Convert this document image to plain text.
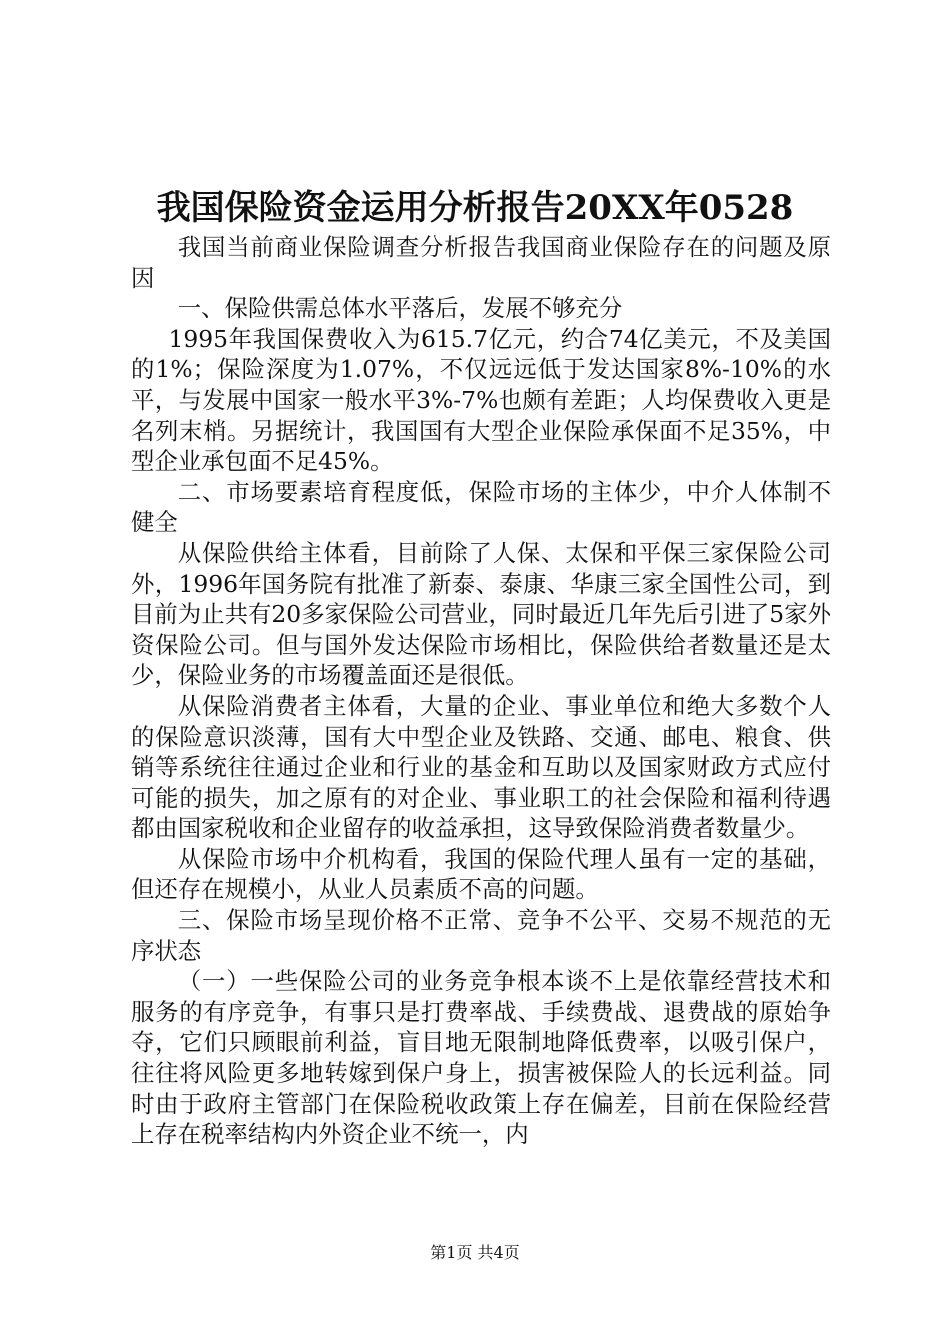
我国保险资金运用分析报告20XX年0528

我国当前商业保险调查分析报告我国商业保险存在的问题及原因

一、保险供需总体水平落后，发展不够充分

1995年我国保费收入为615.7亿元，约合74亿美元，不及美国的1%；保险深度为1.07%，不仅远远低于发达国家8%-10%的水平，与发展中国家一般水平3%-7%也颇有差距；人均保费收入更是名列末梢。另据统计，我国国有大型企业保险承保面不足35%，中型企业承包面不足45%。

二、市场要素培育程度低，保险市场的主体少，中介人体制不健全

从保险供给主体看，目前除了人保、太保和平保三家保险公司外，1996年国务院有批准了新泰、泰康、华康三家全国性公司，到目前为止共有20多家保险公司营业，同时最近几年先后引进了5家外资保险公司。但与国外发达保险市场相比，保险供给者数量还是太少，保险业务的市场覆盖面还是很低。

从保险消费者主体看，大量的企业、事业单位和绝大多数个人的保险意识淡薄，国有大中型企业及铁路、交通、邮电、粮食、供销等系统往往通过企业和行业的基金和互助以及国家财政方式应付可能的损失，加之原有的对企业、事业职工的社会保险和福利待遇都由国家税收和企业留存的收益承担，这导致保险消费者数量少。

从保险市场中介机构看，我国的保险代理人虽有一定的基础，但还存在规模小，从业人员素质不高的问题。

三、保险市场呈现价格不正常、竞争不公平、交易不规范的无序状态

（一）一些保险公司的业务竞争根本谈不上是依靠经营技术和服务的有序竞争，有事只是打费率战、手续费战、退费战的原始争夺，它们只顾眼前利益，盲目地无限制地降低费率，以吸引保户，往往将风险更多地转嫁到保户身上，损害被保险人的长远利益。同时由于政府主管部门在保险税收政策上存在偏差，目前在保险经营上存在税率结构内外资企业不统一，内

第1页 共4页
